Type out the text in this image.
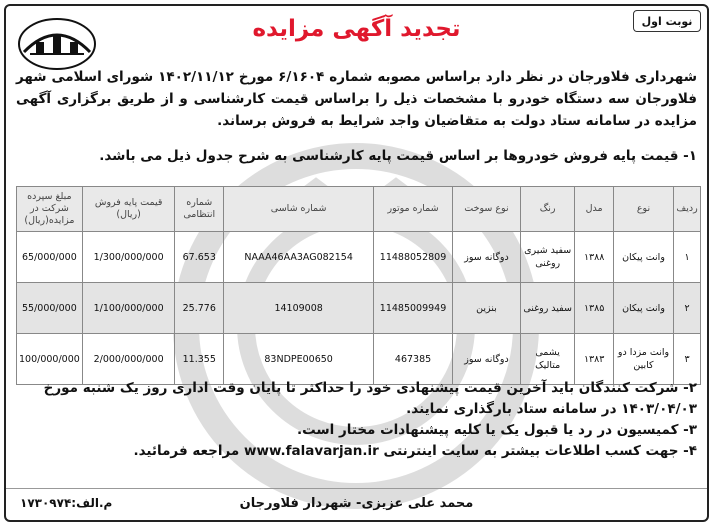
نوبت اول
تجدید آگهی مزایده
شهرداری فلاورجان در نظر دارد براساس مصوبه شماره ۶/۱۶۰۴ مورخ ۱۴۰۲/۱۱/۱۲ شورای اسلامی شهر فلاورجان سه دستگاه خودرو با مشخصات ذیل را براساس قیمت کارشناسی و از طریق برگزاری آگهی مزایده در سامانه ستاد دولت به متقاضیان واجد شرایط به فروش برساند.
۱- قیمت پایه فروش خودروها بر اساس قیمت پایه کارشناسی به شرح جدول ذیل می باشد.
ردیف	نوع	مدل	رنگ	نوع سوخت	شماره موتور	شماره شاسی	شماره انتظامی	قیمت پایه فروش (ریال)	مبلغ سپرده شرکت در مزایده(ریال)
۱	وانت پیکان	۱۳۸۸	سفید شیری روغنی	دوگانه سوز	11488052809	NAAA46AA3AG082154	67.653	1/300/000/000	65/000/000
۲	وانت پیکان	۱۳۸۵	سفید روغنی	بنزین	11485009949	14109008	25.776	1/100/000/000	55/000/000
۳	وانت مزدا دو کابین	۱۳۸۳	یشمی متالیک	دوگانه سوز	467385	83NDPE00650	11.355	2/000/000/000	100/000/000

۲- شرکت کنندگان باید آخرین قیمت پیشنهادی خود را حداکثر تا پایان وقت اداری روز یک شنبه مورخ ۱۴۰۳/۰۴/۰۳ در سامانه ستاد بارگذاری نمایند.

۳- کمیسیون در رد یا قبول یک یا کلیه پیشنهادات مختار است.

۴- جهت کسب اطلاعات بیشتر به سایت اینترنتی www.falavarjan.ir مراجعه فرمائید.

محمد علی عزیزی- شهردار فلاورجان
م.الف:۱۷۳۰۹۷۴
